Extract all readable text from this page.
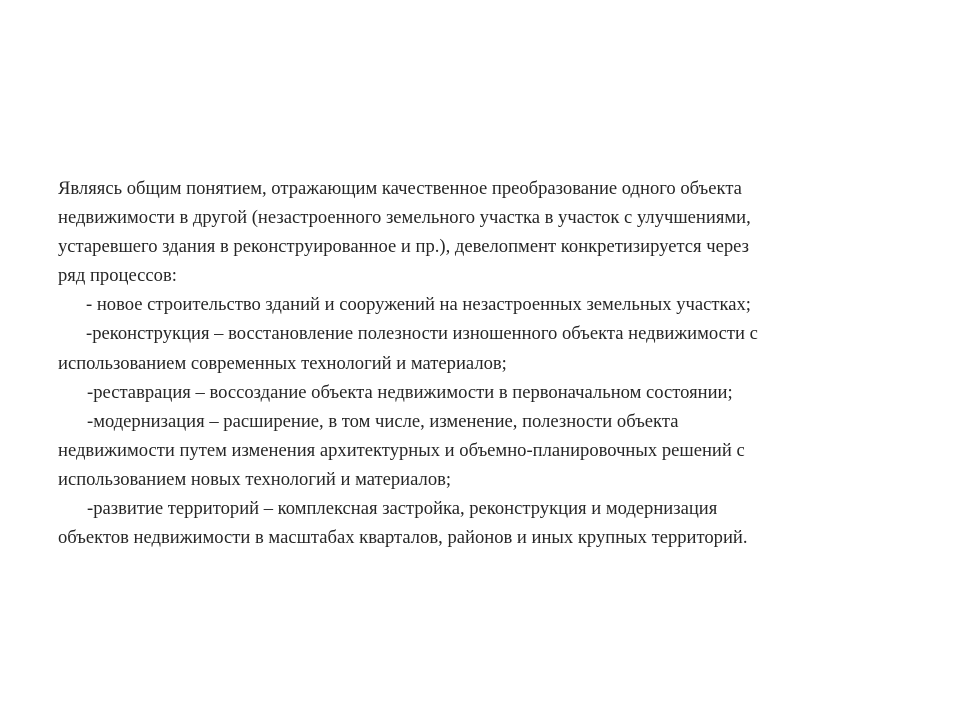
Являясь общим понятием, отражающим качественное преобразование одного объекта недвижимости в другой (незастроенного земельного участка в участок с улучшениями, устаревшего здания в реконструированное и пр.), девелопмент конкретизируется через ряд процессов:

- новое строительство зданий и сооружений на незастроенных земельных участках;

-реконструкция – восстановление полезности изношенного объекта недвижимости с использованием современных технологий и материалов;

-реставрация – воссоздание объекта недвижимости в первоначальном состоянии;

-модернизация – расширение, в том числе, изменение, полезности объекта недвижимости путем изменения архитектурных и объемно-планировочных решений с использованием новых технологий и материалов;

-развитие территорий – комплексная застройка, реконструкция и модернизация объектов недвижимости в масштабах кварталов, районов и иных крупных территорий.
